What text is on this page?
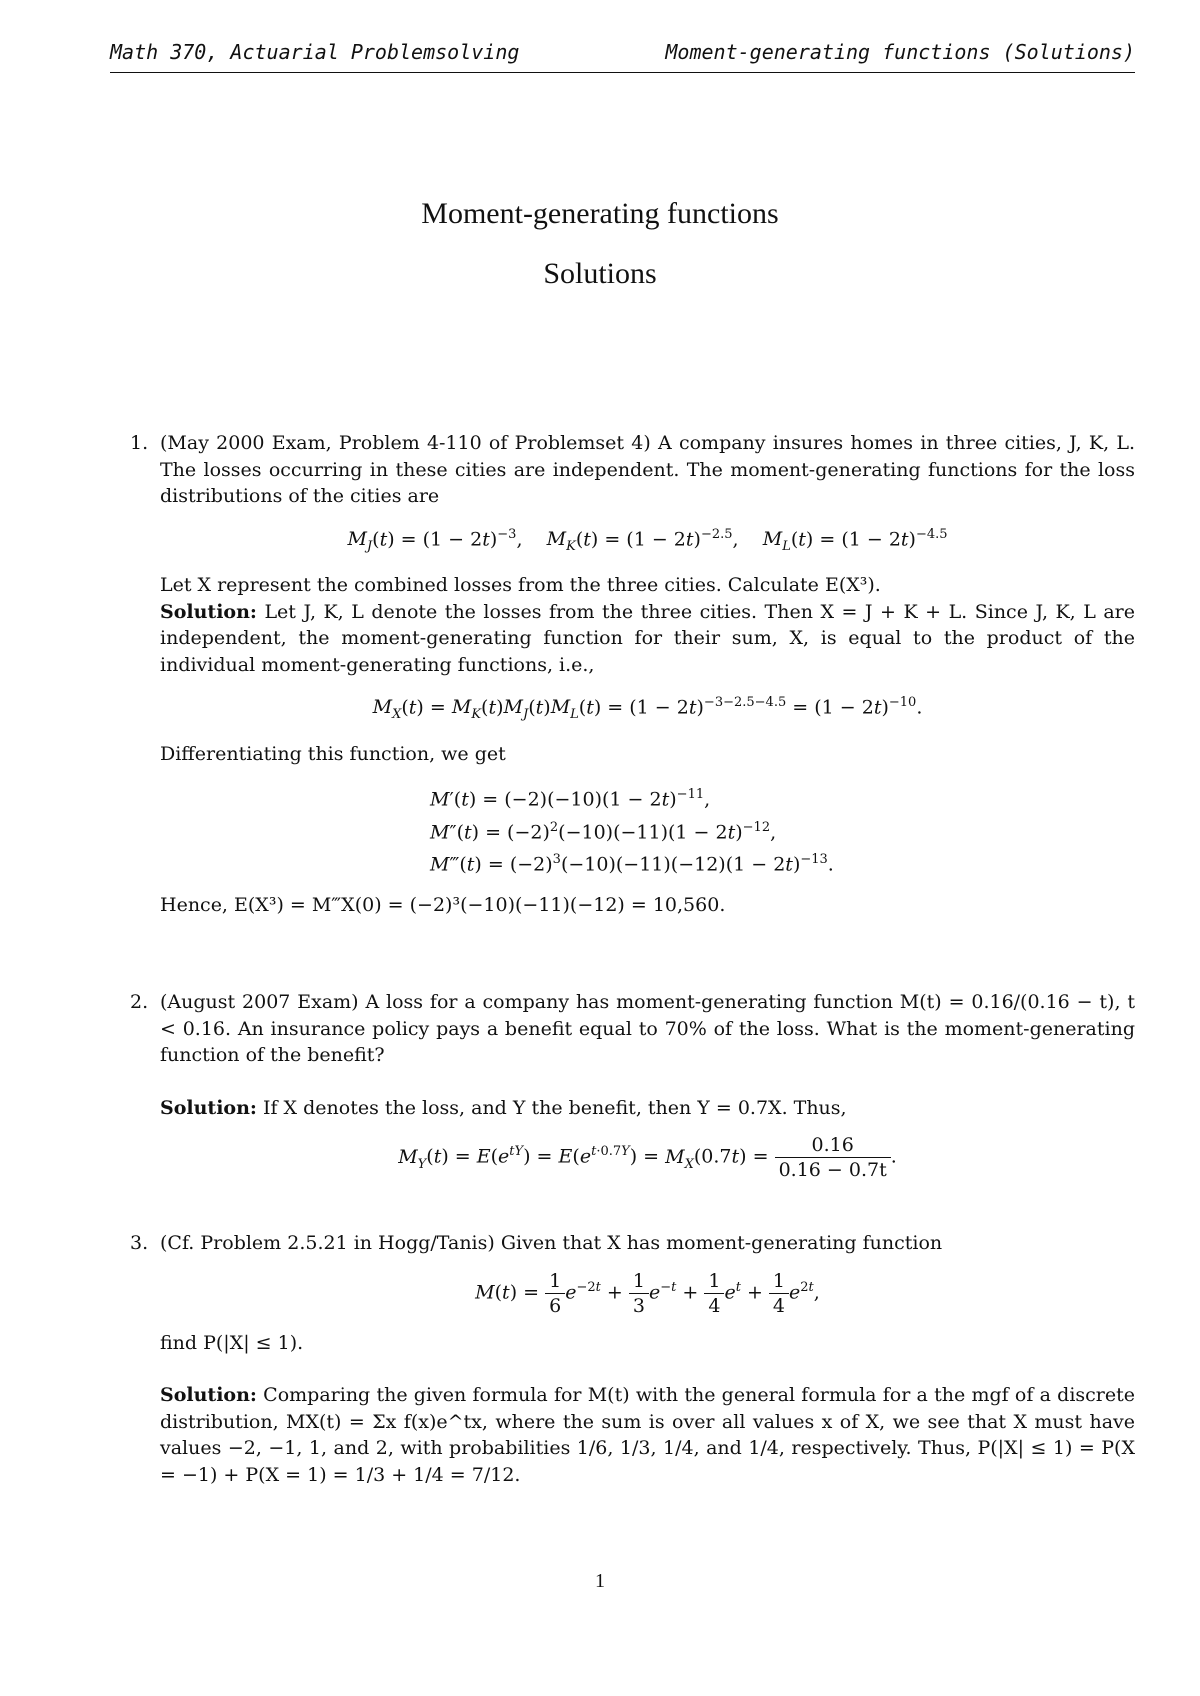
Math 370, Actuarial Problemsolving	Moment-generating functions (Solutions)
Moment-generating functions
Solutions
1. (May 2000 Exam, Problem 4-110 of Problemset 4) A company insures homes in three cities, J, K, L. The losses occurring in these cities are independent. The moment-generating functions for the loss distributions of the cities are
$M_J(t) = (1 - 2t)^{-3}$,    $M_K(t) = (1 - 2t)^{-2.5}$,    $M_L(t) = (1 - 2t)^{-4.5}$
Let X represent the combined losses from the three cities. Calculate E(X³).
Solution: Let J, K, L denote the losses from the three cities. Then X = J + K + L. Since J, K, L are independent, the moment-generating function for their sum, X, is equal to the product of the individual moment-generating functions, i.e.,
$M_X(t) = M_K(t)M_J(t)M_L(t) = (1 - 2t)^{-3-2.5-4.5} = (1 - 2t)^{-10}$.
Differentiating this function, we get
$M'(t) = (-2)(-10)(1 - 2t)^{-11}$,
$M''(t) = (-2)^2(-10)(-11)(1 - 2t)^{-12}$,
M‴(t) = $(-2)^3(-10)(-11)(-12)(1 - 2t)^{-13}$.
Hence, E(X³) = M‴X(0) = (−2)³(−10)(−11)(−12) = 10,560.
2. (August 2007 Exam) A loss for a company has moment-generating function M(t) = 0.16/(0.16 − t), t < 0.16. An insurance policy pays a benefit equal to 70% of the loss. What is the moment-generating function of the benefit?
Solution: If X denotes the loss, and Y the benefit, then Y = 0.7X. Thus,
$M_Y(t) = E(e^{tY}) = E(e^{t\cdot 0.7Y}) = M_X(0.7t) = \frac{0.16}{0.16 - 0.7t}$ .
3. (Cf. Problem 2.5.21 in Hogg/Tanis) Given that X has moment-generating function
$M(t) = \frac{1}{6} e^{-2t} + \frac{1}{3} e^{-t} + \frac{1}{4} e^t + \frac{1}{4} e^{2t}$,
find P(|X| ≤ 1).
Solution: Comparing the given formula for M(t) with the general formula for a the mgf of a discrete distribution, MX(t) = Σx f(x)e^tx, where the sum is over all values x of X, we see that X must have values −2, −1, 1, and 2, with probabilities 1/6, 1/3, 1/4, and 1/4, respectively. Thus, P(|X| ≤ 1) = P(X = −1) + P(X = 1) = 1/3 + 1/4 = 7/12.
1
